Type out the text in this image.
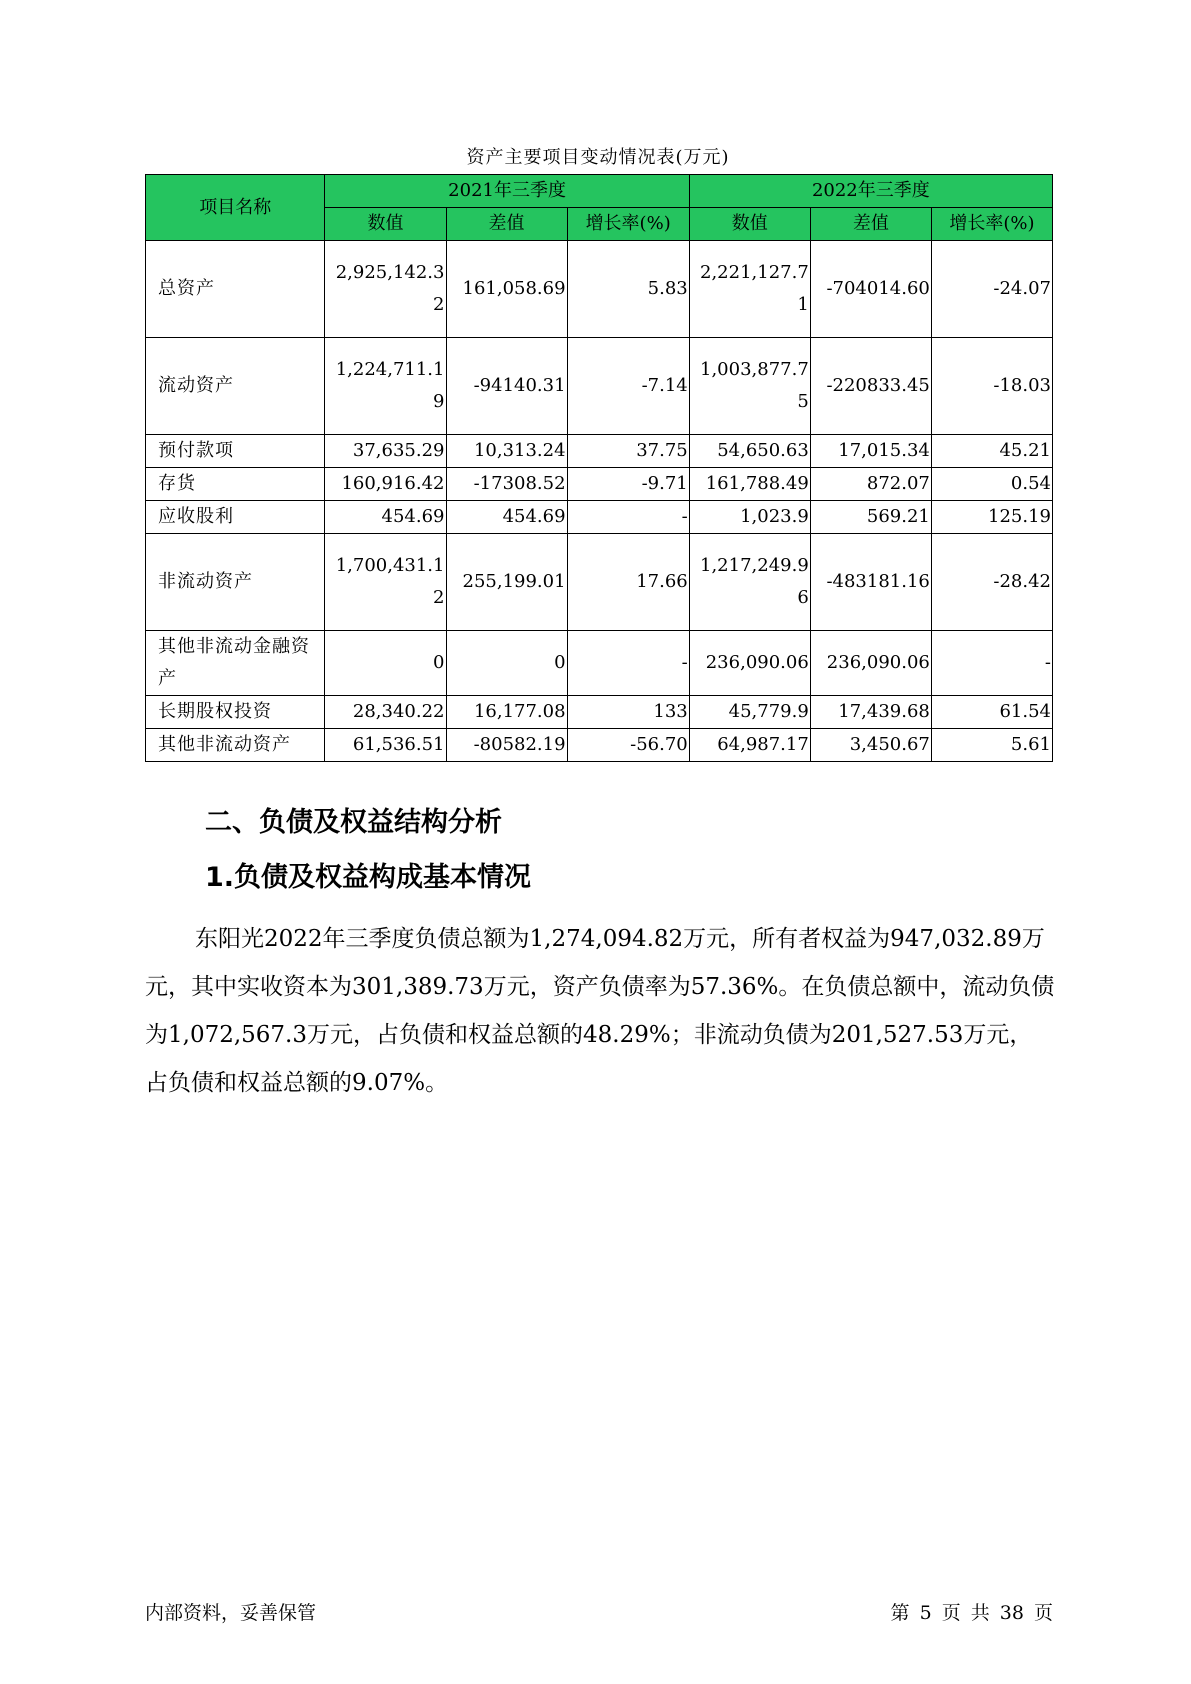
资产主要项目变动情况表(万元)
项目名称	2021年三季度			2022年三季度		
	数值	差值	增长率(%)	数值	差值	增长率(%)
总资产	2,925,142.32	161,058.69	5.83	2,221,127.71	-704014.60	-24.07
流动资产	1,224,711.19	-94140.31	-7.14	1,003,877.75	-220833.45	-18.03
预付款项	37,635.29	10,313.24	37.75	54,650.63	17,015.34	45.21
存货	160,916.42	-17308.52	-9.71	161,788.49	872.07	0.54
应收股利	454.69	454.69	-	1,023.9	569.21	125.19
非流动资产	1,700,431.12	255,199.01	17.66	1,217,249.96	-483181.16	-28.42
其他非流动金融资产	0	0	-	236,090.06	236,090.06	-
长期股权投资	28,340.22	16,177.08	133	45,779.9	17,439.68	61.54
其他非流动资产	61,536.51	-80582.19	-56.70	64,987.17	3,450.67	5.61
二、负债及权益结构分析
1.负债及权益构成基本情况

东阳光2022年三季度负债总额为1,274,094.82万元，所有者权益为947,032.89万元，其中实收资本为301,389.73万元，资产负债率为57.36%。在负债总额中，流动负债为1,072,567.3万元，占负债和权益总额的48.29%；非流动负债为201,527.53万元，占负债和权益总额的9.07%。

内部资料，妥善保管	第 5 页 共 38 页
